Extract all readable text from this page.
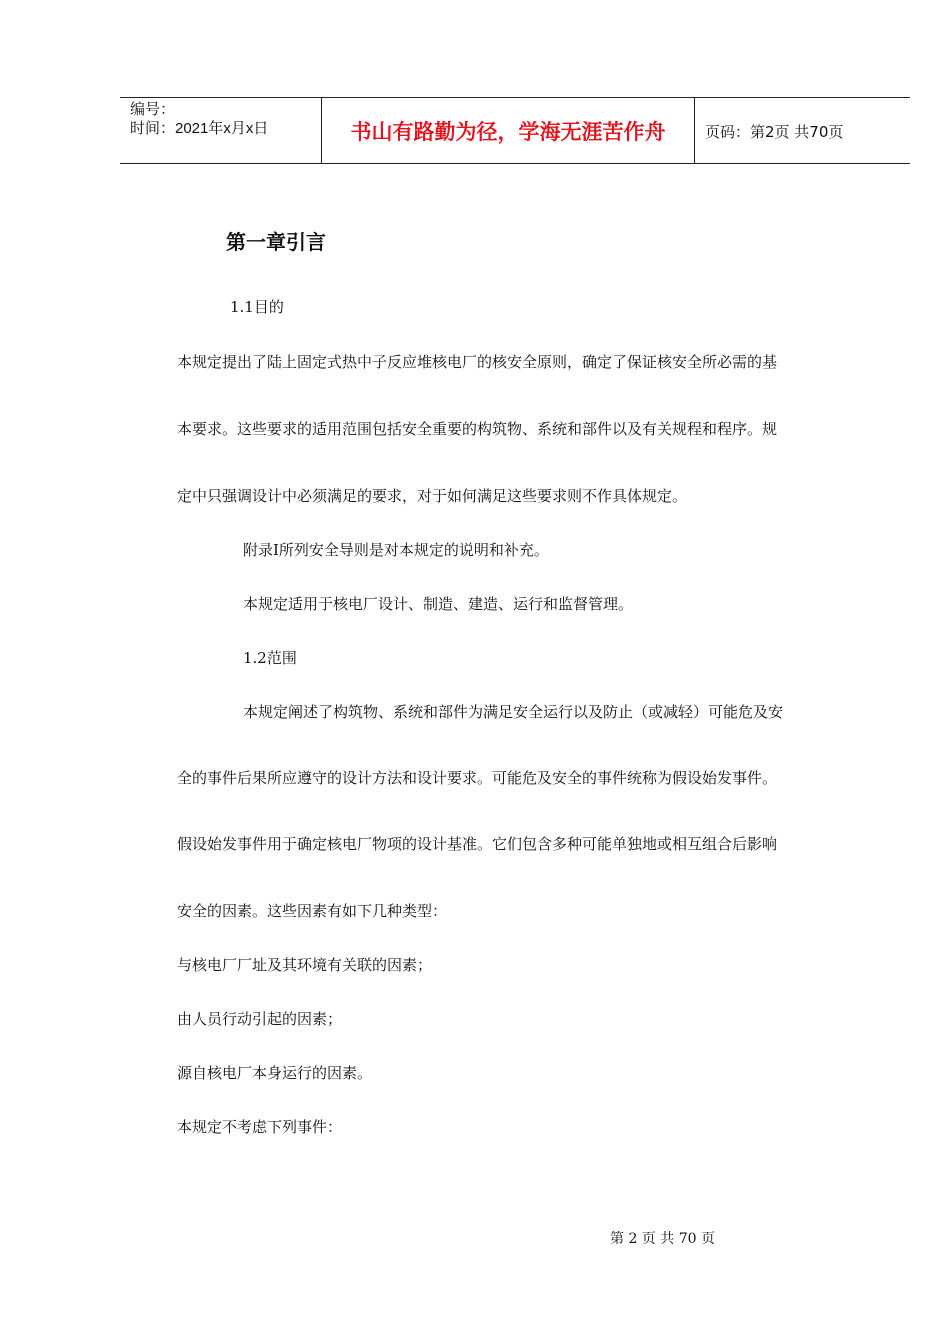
编号：
时间：2021年x月x日	书山有路勤为径，学海无涯苦作舟	页码：第2页 共70页
第一章引言
1.1目的
本规定提出了陆上固定式热中子反应堆核电厂的核安全原则，确定了保证核安全所必需的基
本要求。这些要求的适用范围包括安全重要的构筑物、系统和部件以及有关规程和程序。规
定中只强调设计中必须满足的要求，对于如何满足这些要求则不作具体规定。
附录I所列安全导则是对本规定的说明和补充。
本规定适用于核电厂设计、制造、建造、运行和监督管理。
1.2范围
本规定阐述了构筑物、系统和部件为满足安全运行以及防止（或减轻）可能危及安
全的事件后果所应遵守的设计方法和设计要求。可能危及安全的事件统称为假设始发事件。
假设始发事件用于确定核电厂物项的设计基准。它们包含多种可能单独地或相互组合后影响
安全的因素。这些因素有如下几种类型：
与核电厂厂址及其环境有关联的因素；
由人员行动引起的因素；
源自核电厂本身运行的因素。
本规定不考虑下列事件：
第 2 页 共 70 页
